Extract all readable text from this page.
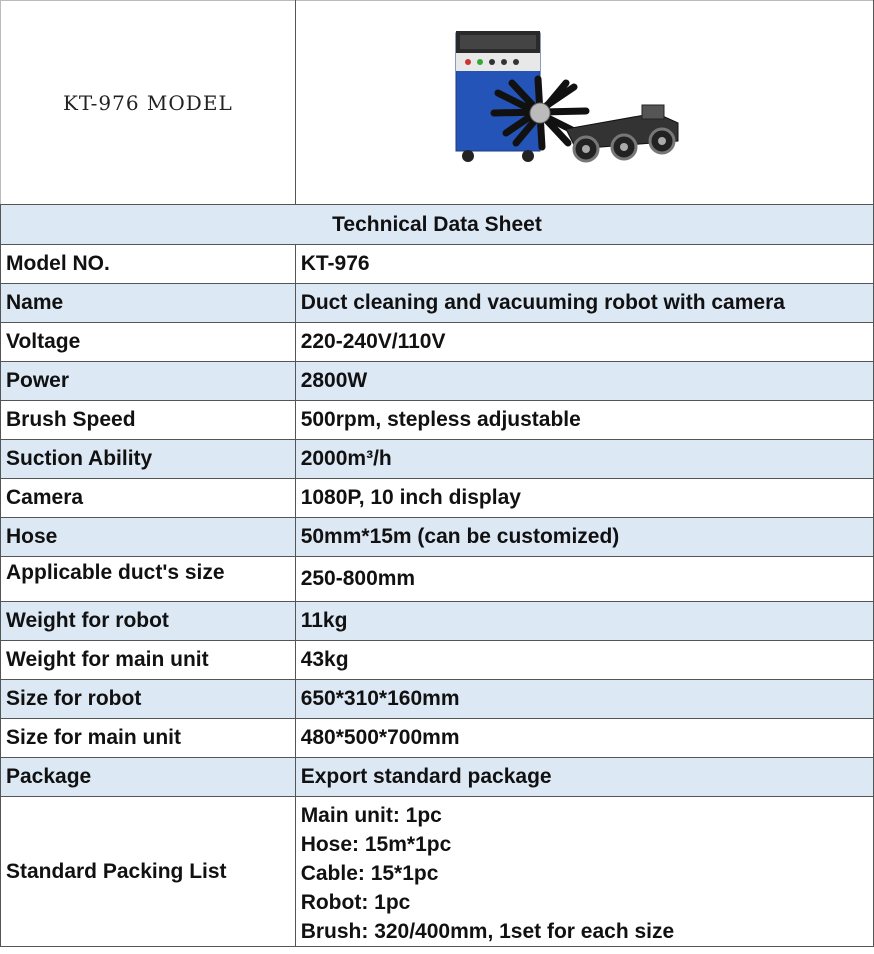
KT-976 MODEL	

Technical Data Sheet	
Model NO.	KT-976
Name	Duct cleaning and vacuuming robot with camera
Voltage	220-240V/110V
Power	2800W
Brush Speed	500rpm, stepless adjustable
Suction Ability	2000m³/h
Camera	1080P, 10 inch display
Hose	50mm*15m (can be customized)
Applicable duct's size	250-800mm
Weight for robot	11kg
Weight for main unit	43kg
Size for robot	650*310*160mm
Size for main unit	480*500*700mm
Package	Export standard package
Standard Packing List	Main unit: 1pc
Hose: 15m*1pc
Cable: 15*1pc
Robot: 1pc
Brush: 320/400mm, 1set for each size
